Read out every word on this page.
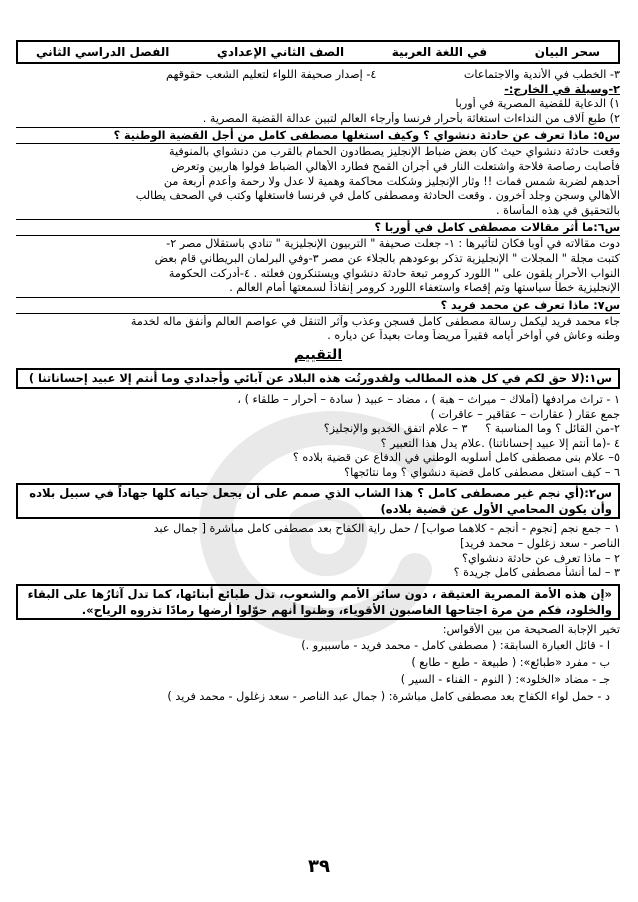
سحر البيان
في اللغة العربية
الصف الثاني الإعدادي
الفصل الدراسي الثاني
٣- الخطب في الأندية والاجتماعات
٤- إصدار صحيفة اللواء لتعليم الشعب حقوقهم
٢-وسيلة في الخارج:-
١) الدعاية للقضية المصرية في أوربا
٢) طبع آلاف من النداءات استغاثة بأحرار فرنسا وأرجاء العالم لتبين عدالة القضية المصرية .
س٥: ماذا تعرف عن حادثة دنشواي ؟ وكيف استغلها مصطفى كامل من أجل القضية الوطنية ؟
وقعت حادثة دنشواي حيث كان بعض ضباط الإنجليز يصطادون الحمام بالقرب من دنشواي بالمنوفية
فأصابت رصاصة فلاحة واشتعلت النار في أجران القمح فطارد الأهالي الضباط فولوا هاربين وتعرض
أحدهم لضربة شمس فمات !! وثار الإنجليز وشكلت محاكمة وهمية لا عدل ولا رحمة وأعدم أربعة من
الأهالي وسجن وجلد آخرون . وقعت الحادثة ومصطفى كامل في فرنسا فاستغلها وكتب في الصحف يطالب
بالتحقيق في هذه المأساة .
س٦:ما أثر مقالات مصطفى كامل في أوربا ؟
دوت مقالاته في أوبا فكان لتأثيرها : ١- جعلت صحيفة " التربيون الإنجليزية " تنادي باستقلال مصر ٢-
كتبت مجلة " المجلات " الإنجليزية تذكر بوعودهم بالجلاء عن مصر ٣-وفي البرلمان البريطاني قام بعض
النواب الأحرار يلقون على " اللورد كرومر تبعة حادثة دنشواي ويستنكرون فعلته . ٤-أدركت الحكومة
الإنجليزية خطأ سياستها وتم إقصاء واستعفاء اللورد كرومر إنقاذاً لسمعتها أمام العالم .
س٧: ماذا تعرف عن محمد فريد ؟
جاء محمد فريد ليكمل رسالة مصطفى كامل فسجن وعذب وآثر التنقل في عواصم العالم وأنفق ماله لخدمة
وطنه وعاش في أواخر أيامه فقيراً مريضاً ومات بعيداً عن دياره .
التقييم
س١:(لا حق لكم في كل هذه المطالب ولقدورتُت هذه البلاد عن آبائي وأجدادي وما أنتم إلا عبيد إحساناتنا )
١ - تراث مرادفها (أملاك – ميراث – هبة ) ، مضاد – عبيد ( سادة – أحرار – طلقاء ) ،
جمع عقار ( عقارات – عقاقير – عاقرات )
٢-من القائل ؟ وما المناسبة ؟     ٣ – علام اتفق الخديو والإنجليز؟
٤ -(ما أنتم إلا عبيد إحساناتنا) .علام يدل هذا التعبير ؟
٥– علام بنى مصطفى كامل أسلوبه الوطني في الدفاع عن قضية بلاده ؟
٦ – كيف استغل مصطفى كامل قضية دنشواي ؟ وما نتائجها؟
س٢:(أي نجم غير مصطفى كامل ؟ هذا الشاب الذي صمم على أن يجعل حياته كلها جهاداً في سبيل بلاده
وأن يكون المحامي الأول عن قضية بلاده)
١ – جمع نجم [نجوم - أنجم - كلاهما صواب] / حمل راية الكفاح بعد مصطفى كامل مباشرة [ جمال عبد
الناصر - سعد زغلول – محمد فريد]
٢ – ماذا تعرف عن حادثة دنشواي؟
٣ – لما أنشأ مصطفى كامل جريدة ؟
«إن هذه الأمة المصرية العتيقة ، دون سائر الأمم والشعوب، تدل طبائع أبنائها، كما تدل آثارُها على البقاء
والخلود، فكم من مرة اجتاحها الغاصبون الأقوياء، وظنوا أنهم حوّلوا أرضها رمادًا تذروه الرياح».
تخير الإجابة الصحيحة من بين الأقواس:
ا - قائل العبارة السابقة: ( مصطفى كامل - محمد فريد - ماسبيرو .)
ب - مفرد «طبائع»: ( طبيعة - طبع - طابع )
جـ - مضاد «الخلود»: ( النوم - الفناء - السير )
د - حمل لواء الكفاح بعد مصطفى كامل مباشرة: ( جمال عبد الناصر - سعد زغلول - محمد فريد )
٣٩
